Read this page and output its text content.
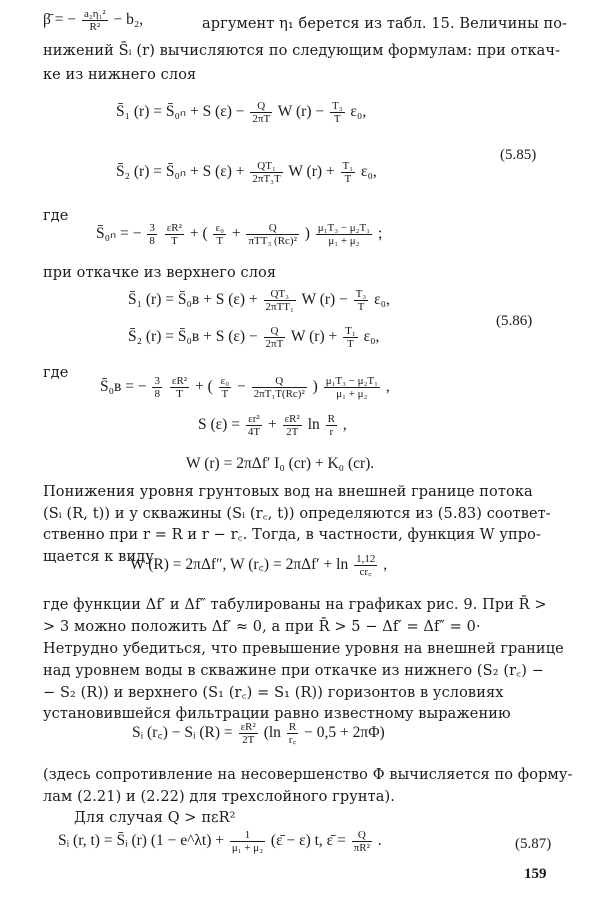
β̄ = − $\frac{\text{a₂η₁²}}{\text{R²}} - b_2$,	аргумент η₁ берется из табл. 15. Величины по-
нижений S̄ᵢ (r) вычисляются по следующим формулам: при откач-
ке из нижнего слоя
S̄₁ (r) = S̄₀ₙ + S $(\varepsilon) - \frac{Q}{2\pi T}$ W $(r) - \frac{\text{T₃}}{T} \varepsilon_0$,
(5.85)
S̄₂ (r) = S̄₀ₙ + S $(\varepsilon) + \frac{\text{QT₁}}{\text{2πT₃T}}$ W $(r) + \frac{\text{T₁}}{T} \varepsilon_0$,
где
S̄₀ₙ = − $\frac{3}{8}$
$\frac{\text{εR²}}{T}$ + ( $\frac{\text{ε₀}}{T} + \frac{Q}{\text{πTT₃ (Rc)²}}$ ) $\frac{\text{μ₁T₃ − μ₂T₁}}{\text{μ₁ + μ₂}}$ ;
при откачке из верхнего слоя
S̄₁ (r) = S̄₀в + S $(\varepsilon) + \frac{\text{QT₃}}{\text{2πTT₁}}$ W $(r) - \frac{\text{T₃}}{T} \varepsilon_0$,
(5.86)
S̄₂ (r) = S̄₀в + S $(\varepsilon) - \frac{Q}{2\pi T}$ W $(r) + \frac{\text{T₁}}{T} \varepsilon_0$,
где
S̄₀в = − $\frac{3}{8}$
$\frac{\text{εR²}}{T}$ + ( $\frac{\text{ε₀}}{T} - \frac{Q}{\text{2πT₁T(Rc)²}}$ ) $\frac{\text{μ₁T₃ − μ₂T₁}}{\text{μ₁ + μ₂}}$ ,
S $(\varepsilon) = \frac{\text{εr²}}{4T} + \frac{\text{εR²}}{2T}$ $\ln \frac{R}{r}$ ,
W (r) = 2πΔf′ I₀ (cr) + K₀ (cr).
Понижения уровня грунтовых вод на внешней границе потока
(Sᵢ (R, t)) и у скважины (Sᵢ (r꜀, t)) определяются из (5.83) соответ-
ственно при r = R и r − r꜀. Тогда, в частности, функция W упро-
щается к виду
W (R) = 2πΔf″, W (r꜀) = $2\pi\Delta f' + \ln \frac{1,12}{cr꜀}$ ,
где функции Δf′ и Δf″ табулированы на графиках рис. 9. При R̄ >
> 3 можно положить Δf′ ≈ 0, а при R̄ > 5 − Δf′ = Δf″ = 0·
Нетрудно убедиться, что превышение уровня на внешней границе
над уровнем воды в скважине при откачке из нижнего (S₂ (r꜀) −
− S₂ (R)) и верхнего (S₁ (r꜀) = S₁ (R)) горизонтов в условиях
установившейся фильтрации равно известному выражению
Sᵢ (r꜀) − Sᵢ $(R) = \frac{\text{εR²}}{2T} (\ln \frac{R}{r꜀} - 0,5 + 2\pi\Phi)$
(здесь сопротивление на несовершенство Φ вычисляется по форму-
лам (2.21) и (2.22) для трехслойного грунта).
Для случая Q > πεR²
Sᵢ (r, t) = S̄ᵢ (r) (1 − e^λt) + $\frac{1}{\text{μ₁ + μ₂}}$ (ε̄ − ε) t, ε̄ = $\frac{Q}{\text{πR²}}$ .	(5.87)
159
